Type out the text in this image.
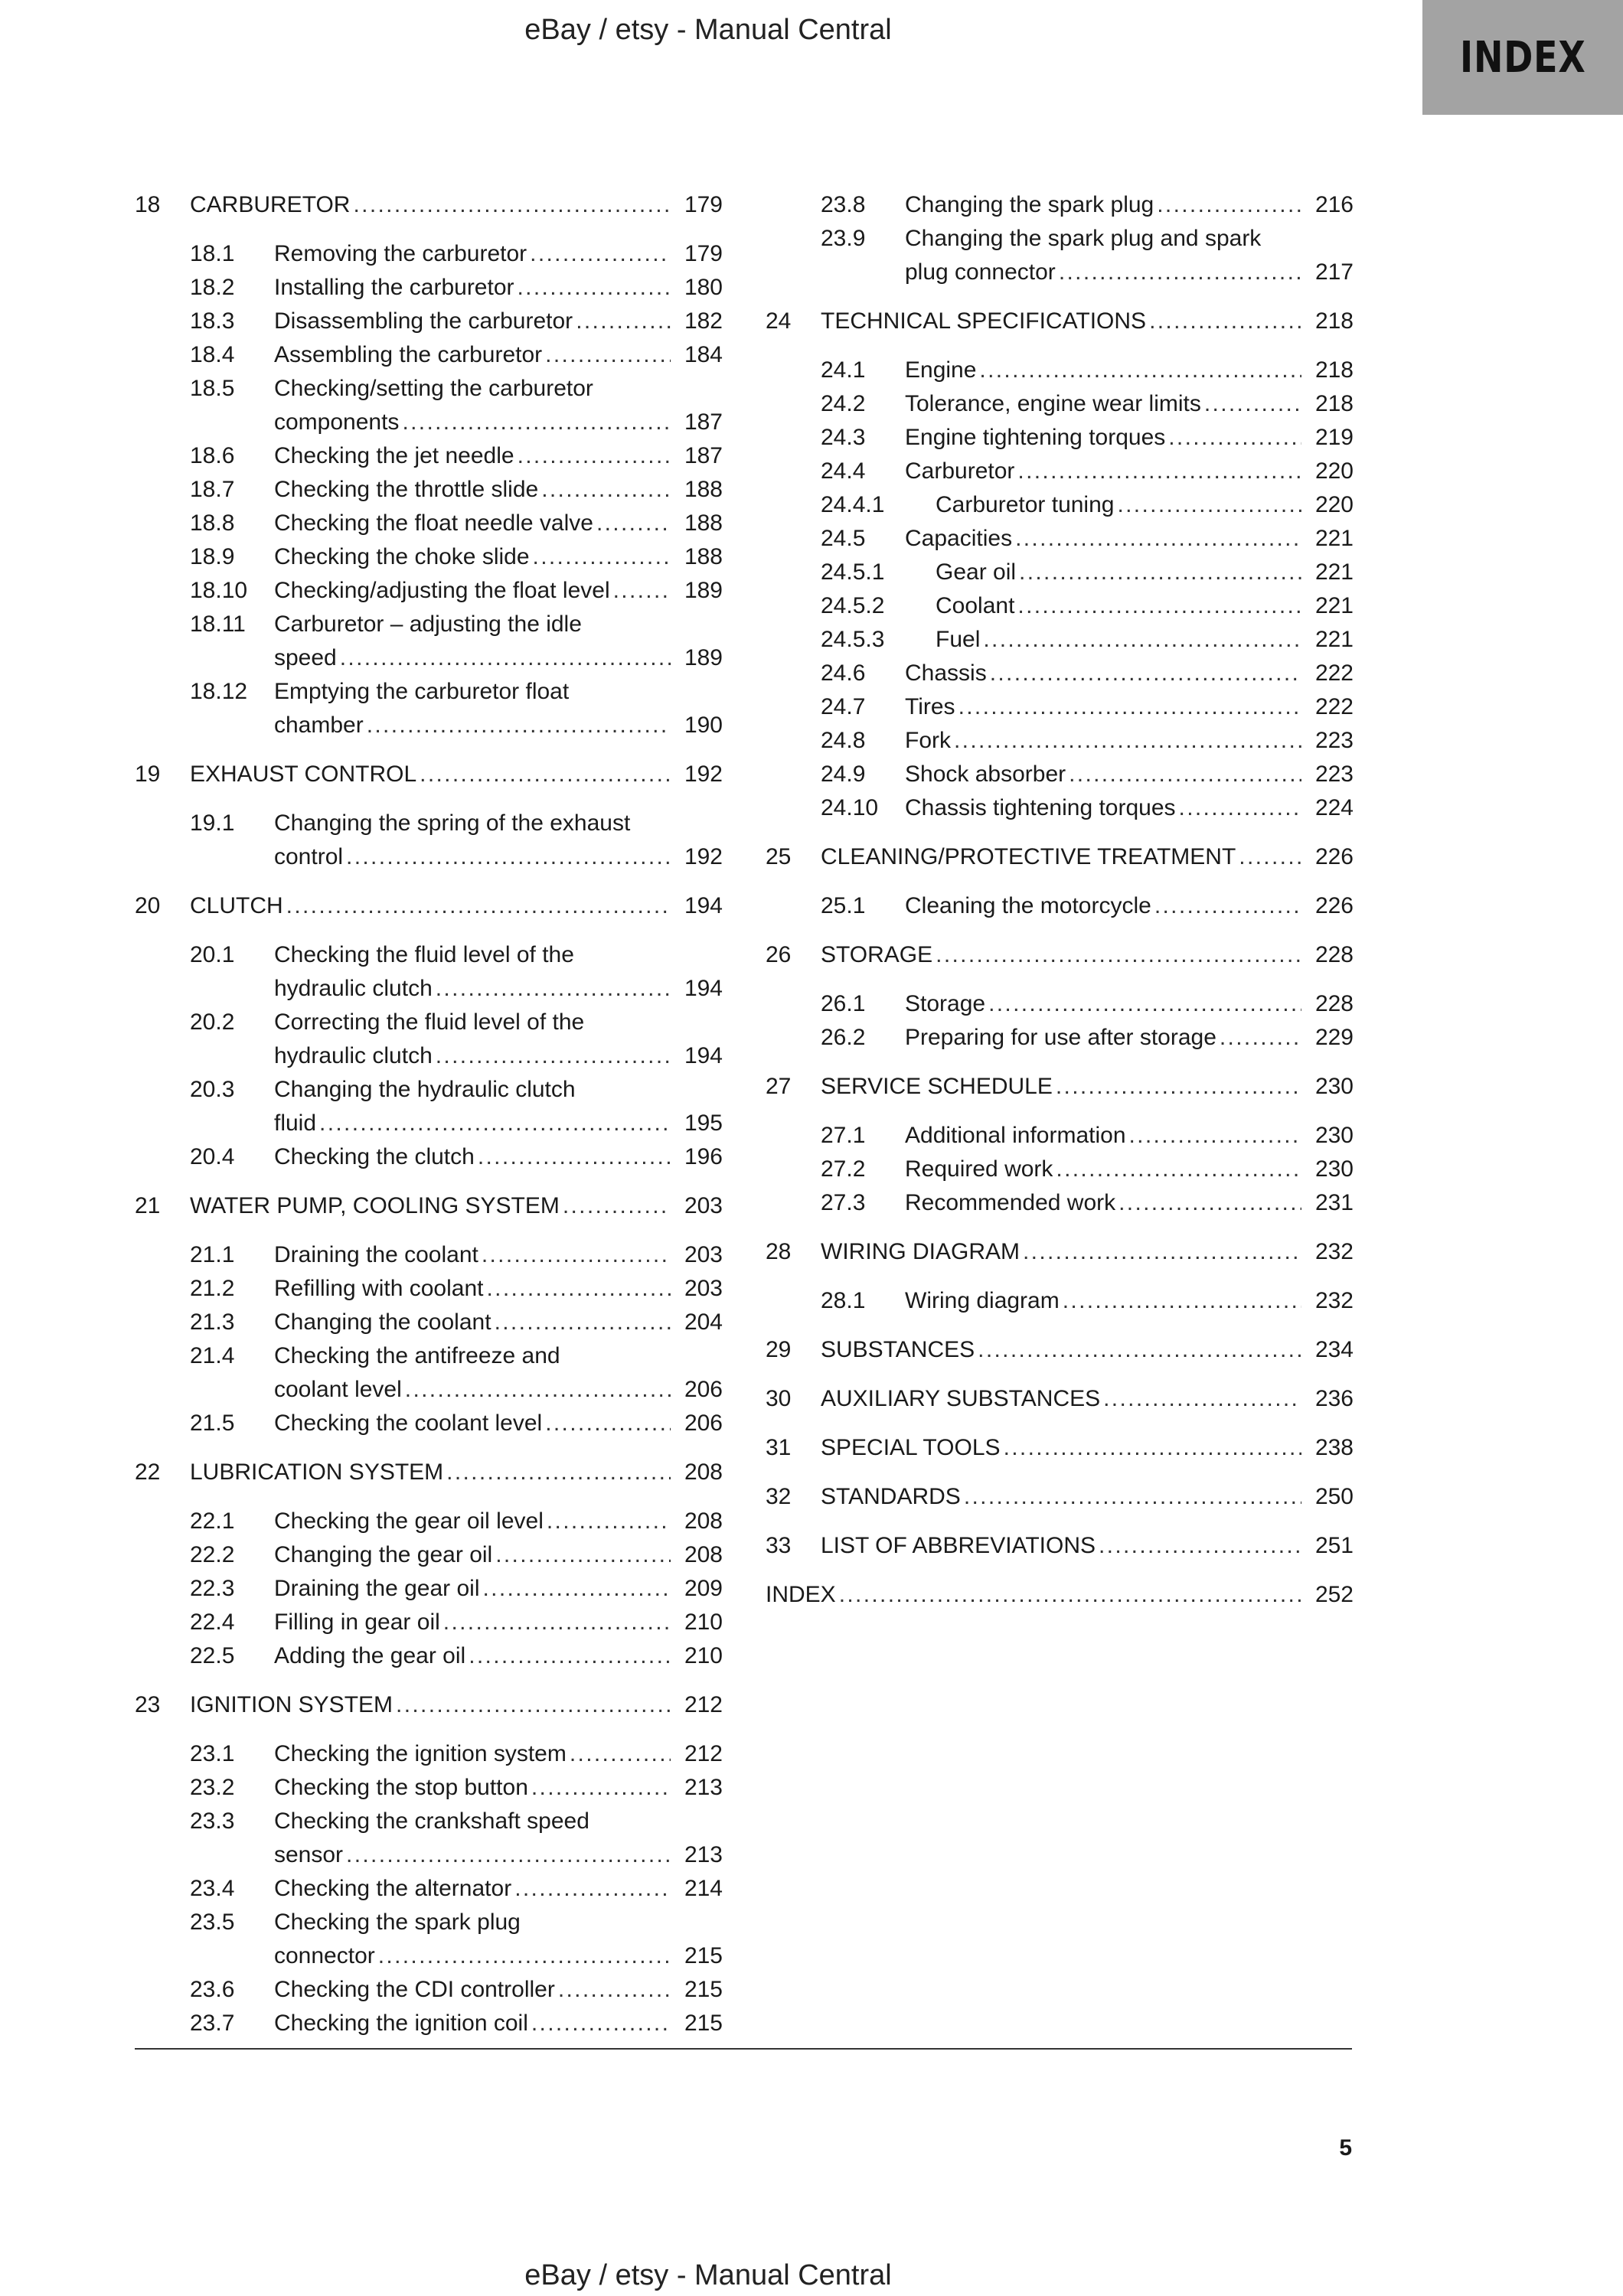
eBay / etsy - Manual Central
INDEX
18 CARBURETOR . . .	179
18.1 Removing the carburetor . . .	179
18.2 Installing the carburetor . . .	180
18.3 Disassembling the carburetor . . .	182
18.4 Assembling the carburetor . . .	184
18.5 Checking/setting the carburetor
components . . .	187
18.6 Checking the jet needle . . .	187
18.7 Checking the throttle slide . . .	188
18.8 Checking the float needle valve . . .	188
18.9 Checking the choke slide . . .	188
18.10 Checking/adjusting the float level . . .	189
18.11 Carburetor – adjusting the idle
speed . . .	189
18.12 Emptying the carburetor float
chamber . . .	190
19 EXHAUST CONTROL . . .	192
19.1 Changing the spring of the exhaust
control . . .	192
20 CLUTCH . . .	194
20.1 Checking the fluid level of the
hydraulic clutch . . .	194
20.2 Correcting the fluid level of the
hydraulic clutch . . .	194
20.3 Changing the hydraulic clutch
fluid . . .	195
20.4 Checking the clutch . . .	196
21 WATER PUMP, COOLING SYSTEM . . .	203
21.1 Draining the coolant . . .	203
21.2 Refilling with coolant . . .	203
21.3 Changing the coolant . . .	204
21.4 Checking the antifreeze and
coolant level . . .	206
21.5 Checking the coolant level . . .	206
22 LUBRICATION SYSTEM . . .	208
22.1 Checking the gear oil level . . .	208
22.2 Changing the gear oil . . .	208
22.3 Draining the gear oil . . .	209
22.4 Filling in gear oil . . .	210
22.5 Adding the gear oil . . .	210
23 IGNITION SYSTEM . . .	212
23.1 Checking the ignition system . . .	212
23.2 Checking the stop button . . .	213
23.3 Checking the crankshaft speed
sensor . . .	213
23.4 Checking the alternator . . .	214
23.5 Checking the spark plug
connector . . .	215
23.6 Checking the CDI controller . . .	215
23.7 Checking the ignition coil . . .	215
23.8 Changing the spark plug . . .	216
23.9 Changing the spark plug and spark
plug connector . . .	217
24 TECHNICAL SPECIFICATIONS . . .	218
24.1 Engine . . .	218
24.2 Tolerance, engine wear limits . . .	218
24.3 Engine tightening torques . . .	219
24.4 Carburetor . . .	220
24.4.1 Carburetor tuning . . .	220
24.5 Capacities . . .	221
24.5.1 Gear oil . . .	221
24.5.2 Coolant . . .	221
24.5.3 Fuel . . .	221
24.6 Chassis . . .	222
24.7 Tires . . .	222
24.8 Fork . . .	223
24.9 Shock absorber . . .	223
24.10 Chassis tightening torques . . .	224
25 CLEANING/PROTECTIVE TREATMENT . . .	226
25.1 Cleaning the motorcycle . . .	226
26 STORAGE . . .	228
26.1 Storage . . .	228
26.2 Preparing for use after storage . . .	229
27 SERVICE SCHEDULE . . .	230
27.1 Additional information . . .	230
27.2 Required work . . .	230
27.3 Recommended work . . .	231
28 WIRING DIAGRAM . . .	232
28.1 Wiring diagram . . .	232
29 SUBSTANCES . . .	234
30 AUXILIARY SUBSTANCES . . .	236
31 SPECIAL TOOLS . . .	238
32 STANDARDS . . .	250
33 LIST OF ABBREVIATIONS . . .	251
INDEX . . .	252
5
eBay / etsy - Manual Central
